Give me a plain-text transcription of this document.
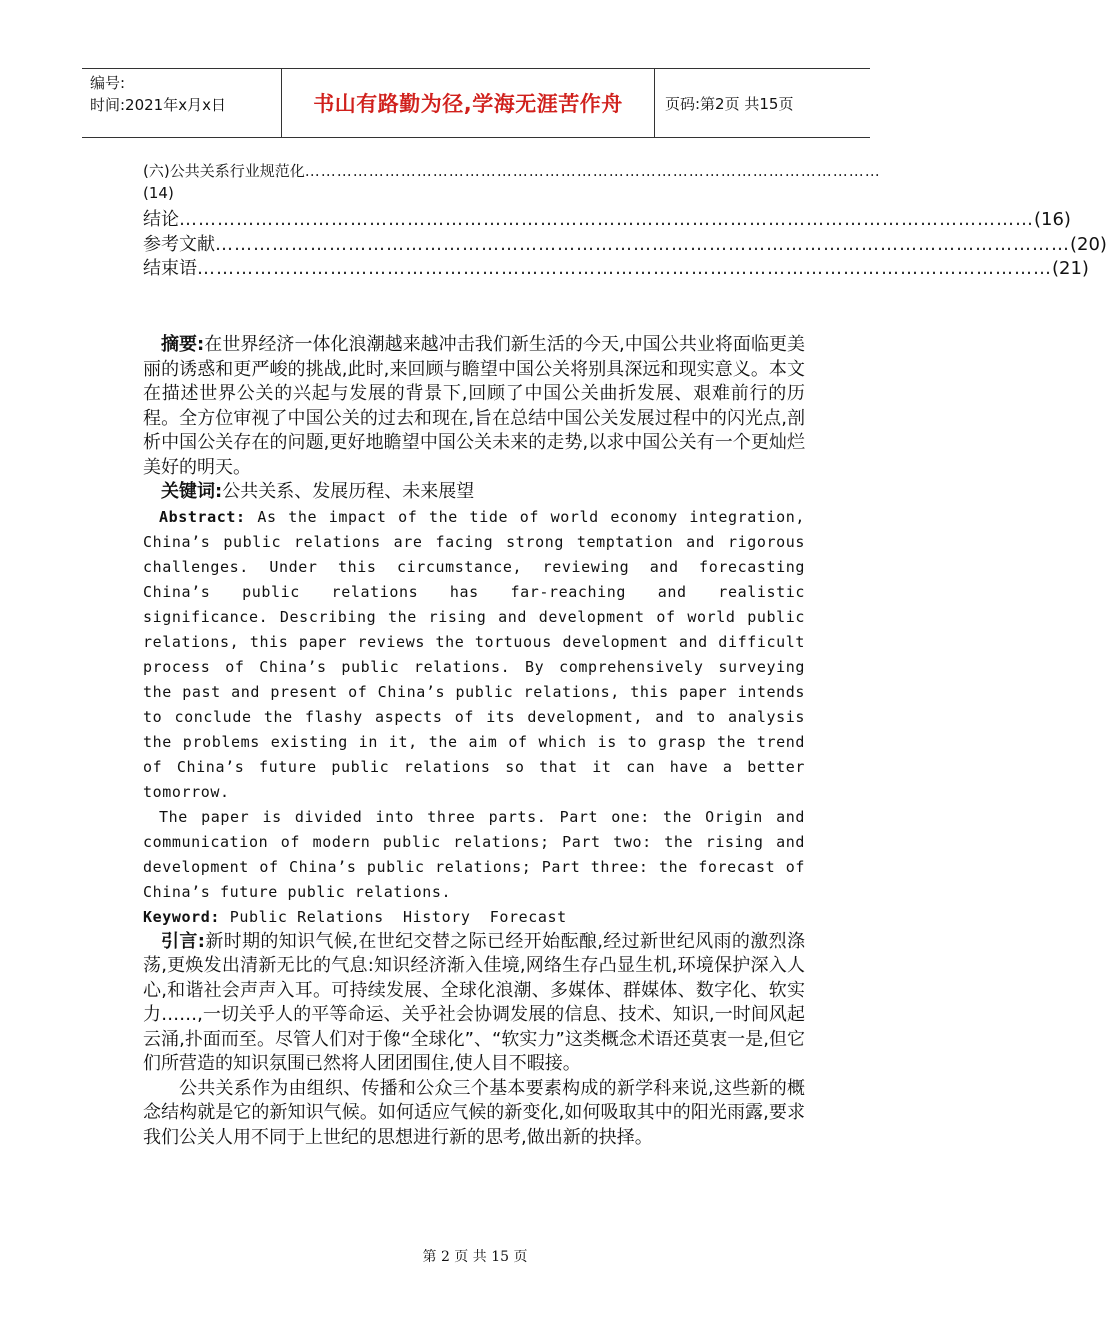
编号:
时间:2021年x月x日	书山有路勤为径,学海无涯苦作舟	页码:第2页 共15页
(六)公共关系行业规范化 ………………………………………………………………………………………………
(14)
结论 ……………………………………………………………………………………………………………………… (16)
参考文献 ……………………………………………………………………………………………………………………… (20)
结束语 ……………………………………………………………………………………………………………………… (21)

摘要:在世界经济一体化浪潮越来越冲击我们新生活的今天,中国公共业将面临更美丽的诱惑和更严峻的挑战,此时,来回顾与瞻望中国公关将别具深远和现实意义。本文在描述世界公关的兴起与发展的背景下,回顾了中国公关曲折发展、艰难前行的历程。全方位审视了中国公关的过去和现在,旨在总结中国公关发展过程中的闪光点,剖析中国公关存在的问题,更好地瞻望中国公关未来的走势,以求中国公关有一个更灿烂美好的明天。

关键词:公共关系、发展历程、未来展望

Abstract: As the impact of the tide of world economy integration, China’s public relations are facing strong temptation and rigorous challenges. Under this circumstance, reviewing and forecasting China’s public relations has far-reaching and realistic significance. Describing the rising and development of world public relations, this paper reviews the tortuous development and difficult process of China’s public relations. By comprehensively surveying the past and present of China’s public relations, this paper intends to conclude the flashy aspects of its development, and to analysis the problems existing in it, the aim of which is to grasp the trend of China’s future public relations so that it can have a better tomorrow.

The paper is divided into three parts. Part one: the Origin and communication of modern public relations; Part two: the rising and development of China’s public relations; Part three: the forecast of China’s future public relations.

Keyword: Public Relations  History  Forecast

引言:新时期的知识气候,在世纪交替之际已经开始酝酿,经过新世纪风雨的激烈涤荡,更焕发出清新无比的气息:知识经济渐入佳境,网络生存凸显生机,环境保护深入人心,和谐社会声声入耳。可持续发展、全球化浪潮、多媒体、群媒体、数字化、软实力……,一切关乎人的平等命运、关乎社会协调发展的信息、技术、知识,一时间风起云涌,扑面而至。尽管人们对于像“全球化”、“软实力”这类概念术语还莫衷一是,但它们所营造的知识氛围已然将人团团围住,使人目不暇接。

公共关系作为由组织、传播和公众三个基本要素构成的新学科来说,这些新的概念结构就是它的新知识气候。如何适应气候的新变化,如何吸取其中的阳光雨露,要求我们公关人用不同于上世纪的思想进行新的思考,做出新的抉择。

第 2 页 共 15 页
